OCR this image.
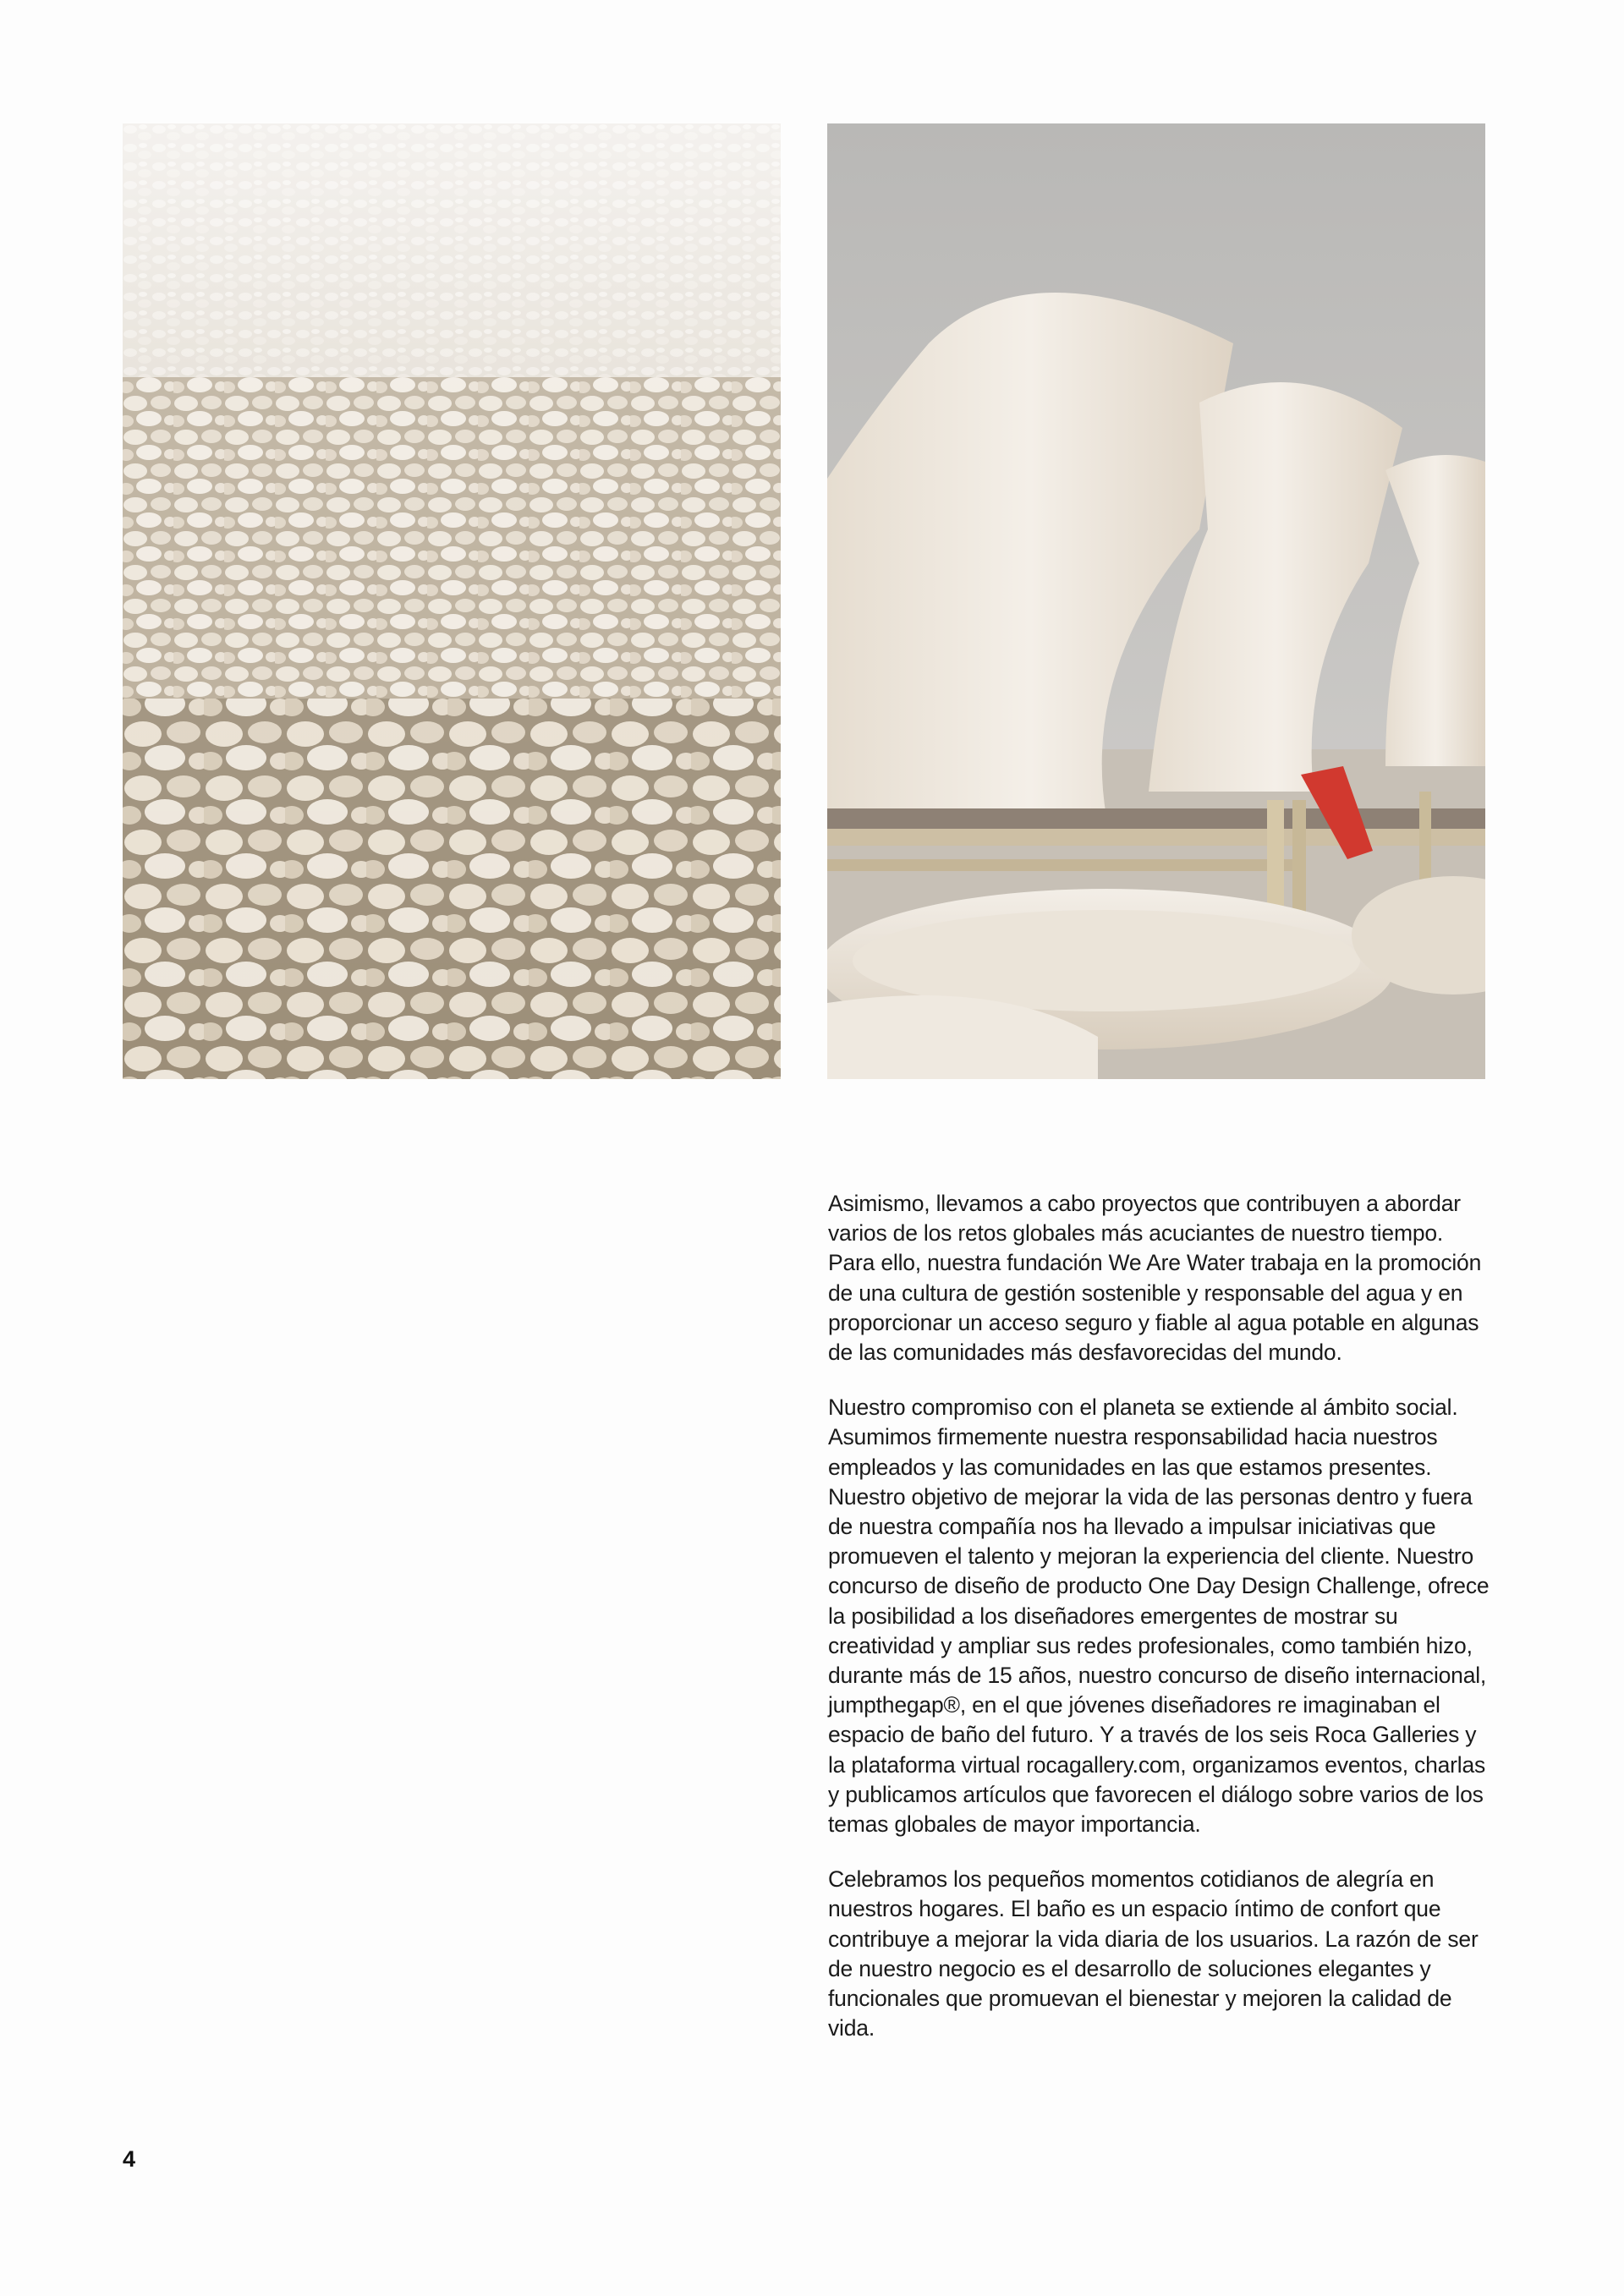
Asimismo, llevamos a cabo proyectos que contribuyen a abordar varios de los retos globales más acuciantes de nuestro tiempo. Para ello, nuestra fundación We Are Water trabaja en la promoción de una cultura de gestión sostenible y responsable del agua y en proporcionar un acceso seguro y fiable al agua potable en algunas de las comunidades más desfavorecidas del mundo.

Nuestro compromiso con el planeta se extiende al ámbito social. Asumimos firmemente nuestra responsabilidad hacia nuestros empleados y las comunidades en las que estamos presentes. Nuestro objetivo de mejorar la vida de las personas dentro y fuera de nuestra compañía nos ha llevado a impulsar iniciativas que promueven el talento y mejoran la experiencia del cliente. Nuestro concurso de diseño de producto One Day Design Challenge, ofrece la posibilidad a los diseñadores emergentes de mostrar su creatividad y ampliar sus redes profesionales, como también hizo, durante más de 15 años, nuestro concurso de diseño internacional, jumpthegap®, en el que jóvenes diseñadores re imaginaban el espacio de baño del futuro. Y a través de los seis Roca Galleries y la plataforma virtual rocagallery.com, organizamos eventos, charlas y publicamos artículos que favorecen el diálogo sobre varios de los temas globales de mayor importancia.

Celebramos los pequeños momentos cotidianos de alegría en nuestros hogares. El baño es un espacio íntimo de confort que contribuye a mejorar la vida diaria de los usuarios. La razón de ser de nuestro negocio es el desarrollo de soluciones elegantes y funcionales que promuevan el bienestar y mejoren la calidad de vida.

4
